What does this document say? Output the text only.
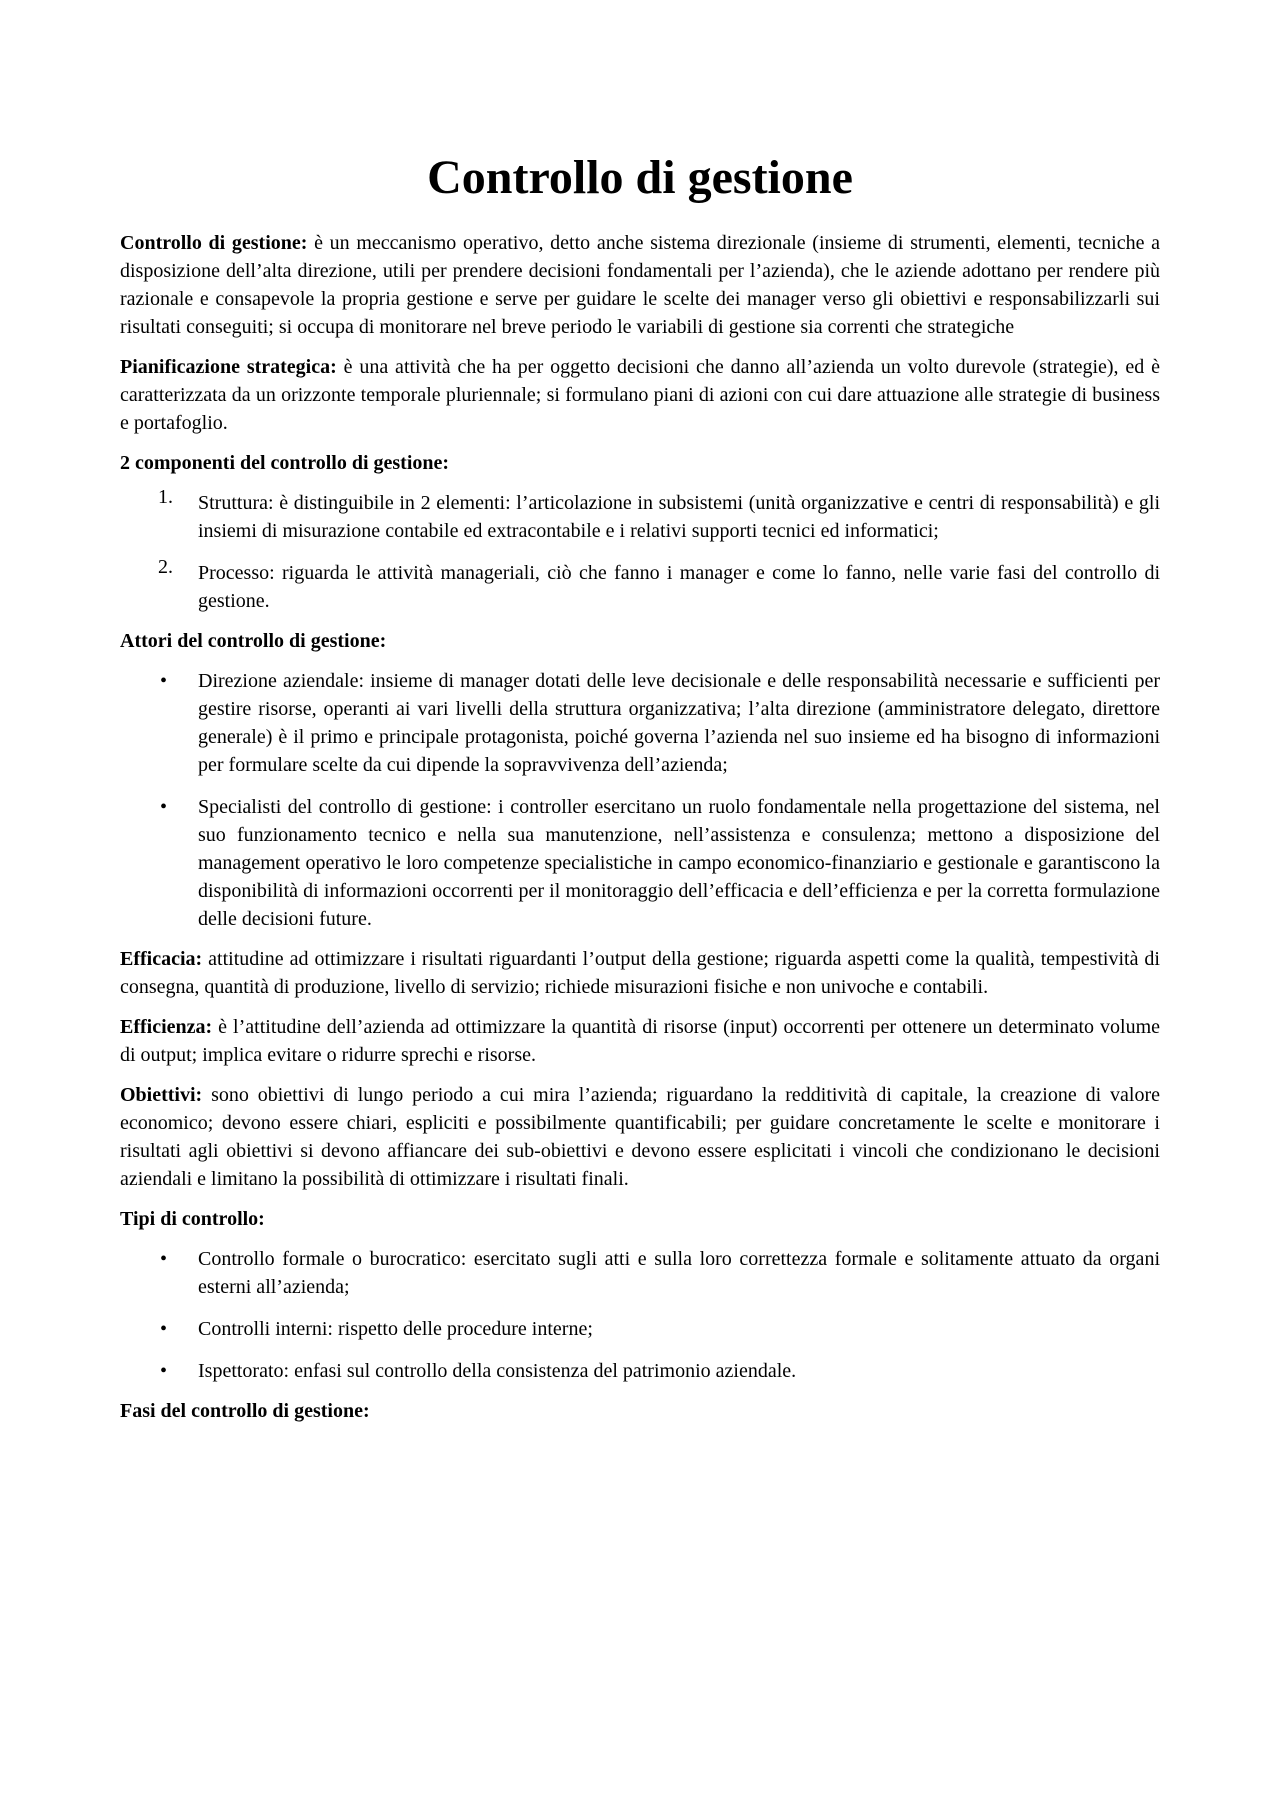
Controllo di gestione

Controllo di gestione: è un meccanismo operativo, detto anche sistema direzionale (insieme di strumenti, elementi, tecniche a disposizione dell’alta direzione, utili per prendere decisioni fondamentali per l’azienda), che le aziende adottano per rendere più razionale e consapevole la propria gestione e serve per guidare le scelte dei manager verso gli obiettivi e responsabilizzarli sui risultati conseguiti; si occupa di monitorare nel breve periodo le variabili di gestione sia correnti che strategiche

Pianificazione strategica: è una attività che ha per oggetto decisioni che danno all’azienda un volto durevole (strategie), ed è caratterizzata da un orizzonte temporale pluriennale; si formulano piani di azioni con cui dare attuazione alle strategie di business e portafoglio.

2 componenti del controllo di gestione:
1.	Struttura: è distinguibile in 2 elementi: l’articolazione in subsistemi (unità organizzative e centri di responsabilità) e gli insiemi di misurazione contabile ed extracontabile e i relativi supporti tecnici ed informatici;
2.	Processo: riguarda le attività manageriali, ciò che fanno i manager e come lo fanno, nelle varie fasi del controllo di gestione.
Attori del controllo di gestione:
•	Direzione aziendale: insieme di manager dotati delle leve decisionale e delle responsabilità necessarie e sufficienti per gestire risorse, operanti ai vari livelli della struttura organizzativa; l’alta direzione (amministratore delegato, direttore generale) è il primo e principale protagonista, poiché governa l’azienda nel suo insieme ed ha bisogno di informazioni per formulare scelte da cui dipende la sopravvivenza dell’azienda;
•	Specialisti del controllo di gestione: i controller esercitano un ruolo fondamentale nella progettazione del sistema, nel suo funzionamento tecnico e nella sua manutenzione, nell’assistenza e consulenza; mettono a disposizione del management operativo le loro competenze specialistiche in campo economico-finanziario e gestionale e garantiscono la disponibilità di informazioni occorrenti per il monitoraggio dell’efficacia e dell’efficienza e per la corretta formulazione delle decisioni future.

Efficacia: attitudine ad ottimizzare i risultati riguardanti l’output della gestione; riguarda aspetti come la qualità, tempestività di consegna, quantità di produzione, livello di servizio; richiede misurazioni fisiche e non univoche e contabili.

Efficienza: è l’attitudine dell’azienda ad ottimizzare la quantità di risorse (input) occorrenti per ottenere un determinato volume di output; implica evitare o ridurre sprechi e risorse.

Obiettivi: sono obiettivi di lungo periodo a cui mira l’azienda; riguardano la redditività di capitale, la creazione di valore economico; devono essere chiari, espliciti e possibilmente quantificabili; per guidare concretamente le scelte e monitorare i risultati agli obiettivi si devono affiancare dei sub-obiettivi e devono essere esplicitati i vincoli che condizionano le decisioni aziendali e limitano la possibilità di ottimizzare i risultati finali.

Tipi di controllo:
•	Controllo formale o burocratico: esercitato sugli atti e sulla loro correttezza formale e solitamente attuato da organi esterni all’azienda;
•	Controlli interni: rispetto delle procedure interne;
•	Ispettorato: enfasi sul controllo della consistenza del patrimonio aziendale.
Fasi del controllo di gestione:
